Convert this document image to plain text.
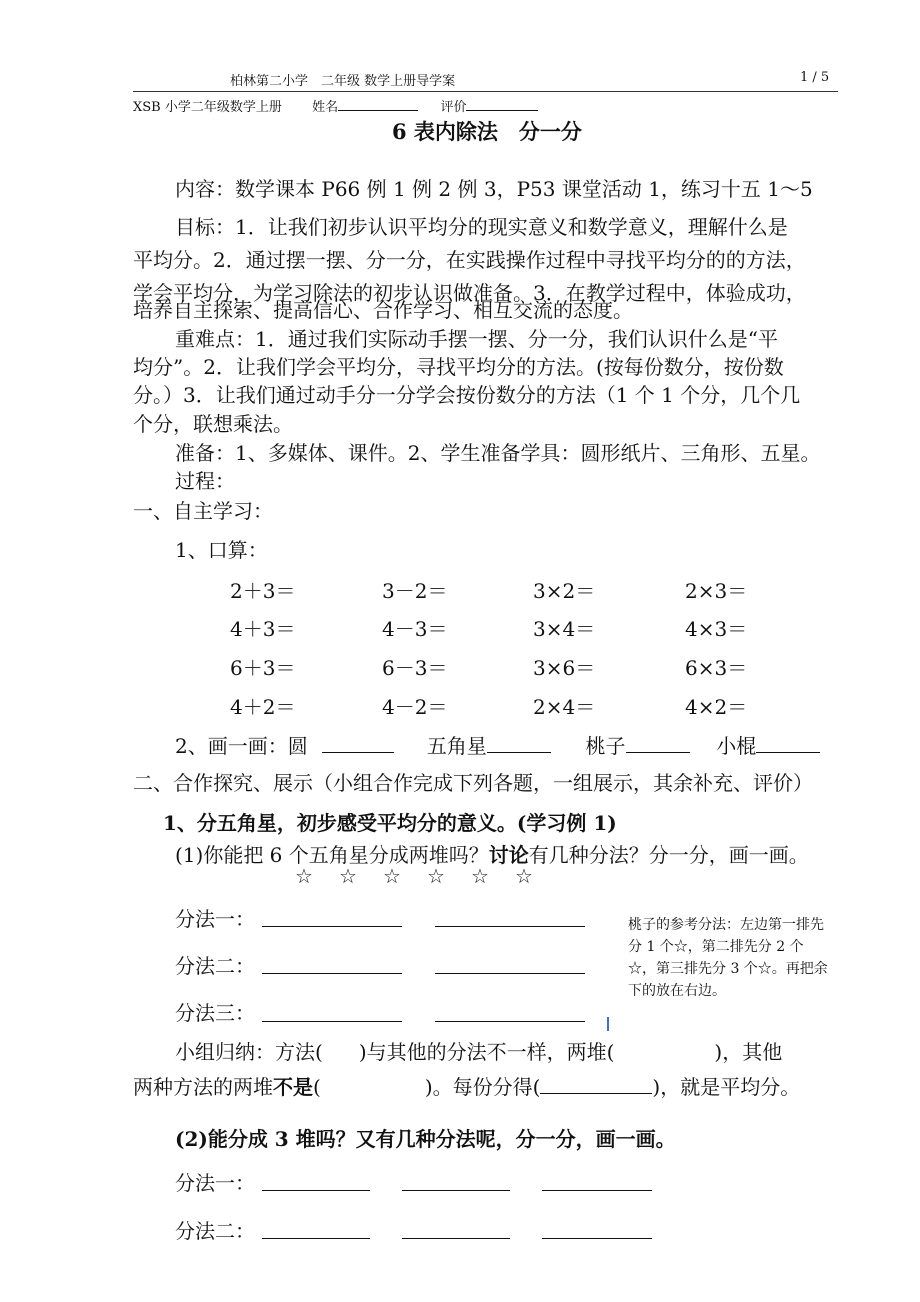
柏林第二小学　二年级 数学上册导学案	1 / 5
XSB 小学二年级数学上册 姓名	评价
6 表内除法　分一分
内容：数学课本 P66 例 1 例 2 例 3，P53 课堂活动 1，练习十五 1～5
目标：1．让我们初步认识平均分的现实意义和数学意义，理解什么是
平均分。2．通过摆一摆、分一分，在实践操作过程中寻找平均分的的方法，
学会平均分，为学习除法的初步认识做准备。3．在教学过程中，体验成功，
培养自主探索、提高信心、合作学习、相互交流的态度。
重难点：1．通过我们实际动手摆一摆、分一分，我们认识什么是“平
均分”。2．让我们学会平均分，寻找平均分的方法。(按每份数分，按份数
分。）3．让我们通过动手分一分学会按份数分的方法（1 个 1 个分，几个几
个分，联想乘法。
准备：1、多媒体、课件。2、学生准备学具：圆形纸片、三角形、五星。
过程：
一、自主学习：
1、口算：
2＋3＝	3－2＝	3×2＝	2×3＝
4＋3＝	4－3＝	3×4＝	4×3＝
6＋3＝	6－3＝	3×6＝	6×3＝
4＋2＝	4－2＝	2×4＝	4×2＝
2、画一画：圆	五角星	桃子	小棍
二、合作探究、展示（小组合作完成下列各题，一组展示，其余补充、评价）
1、分五角星，初步感受平均分的意义。(学习例 1)
(1)你能把 6 个五角星分成两堆吗？讨论有几种分法？分一分，画一画。
☆ ☆ ☆ ☆ ☆ ☆
分法一：
分法二：
分法三：
桃子的参考分法：左边第一排先分 1 个☆，第二排先分 2 个☆，第三排先分 3 个☆。再把余下的放在右边。
小组归纳：方法( )与其他的分法不一样，两堆(	)，其他
两种方法的两堆不是(	)。每份分得(	)，就是平均分。
(2)能分成 3 堆吗？又有几种分法呢，分一分，画一画。
分法一：
分法二：
